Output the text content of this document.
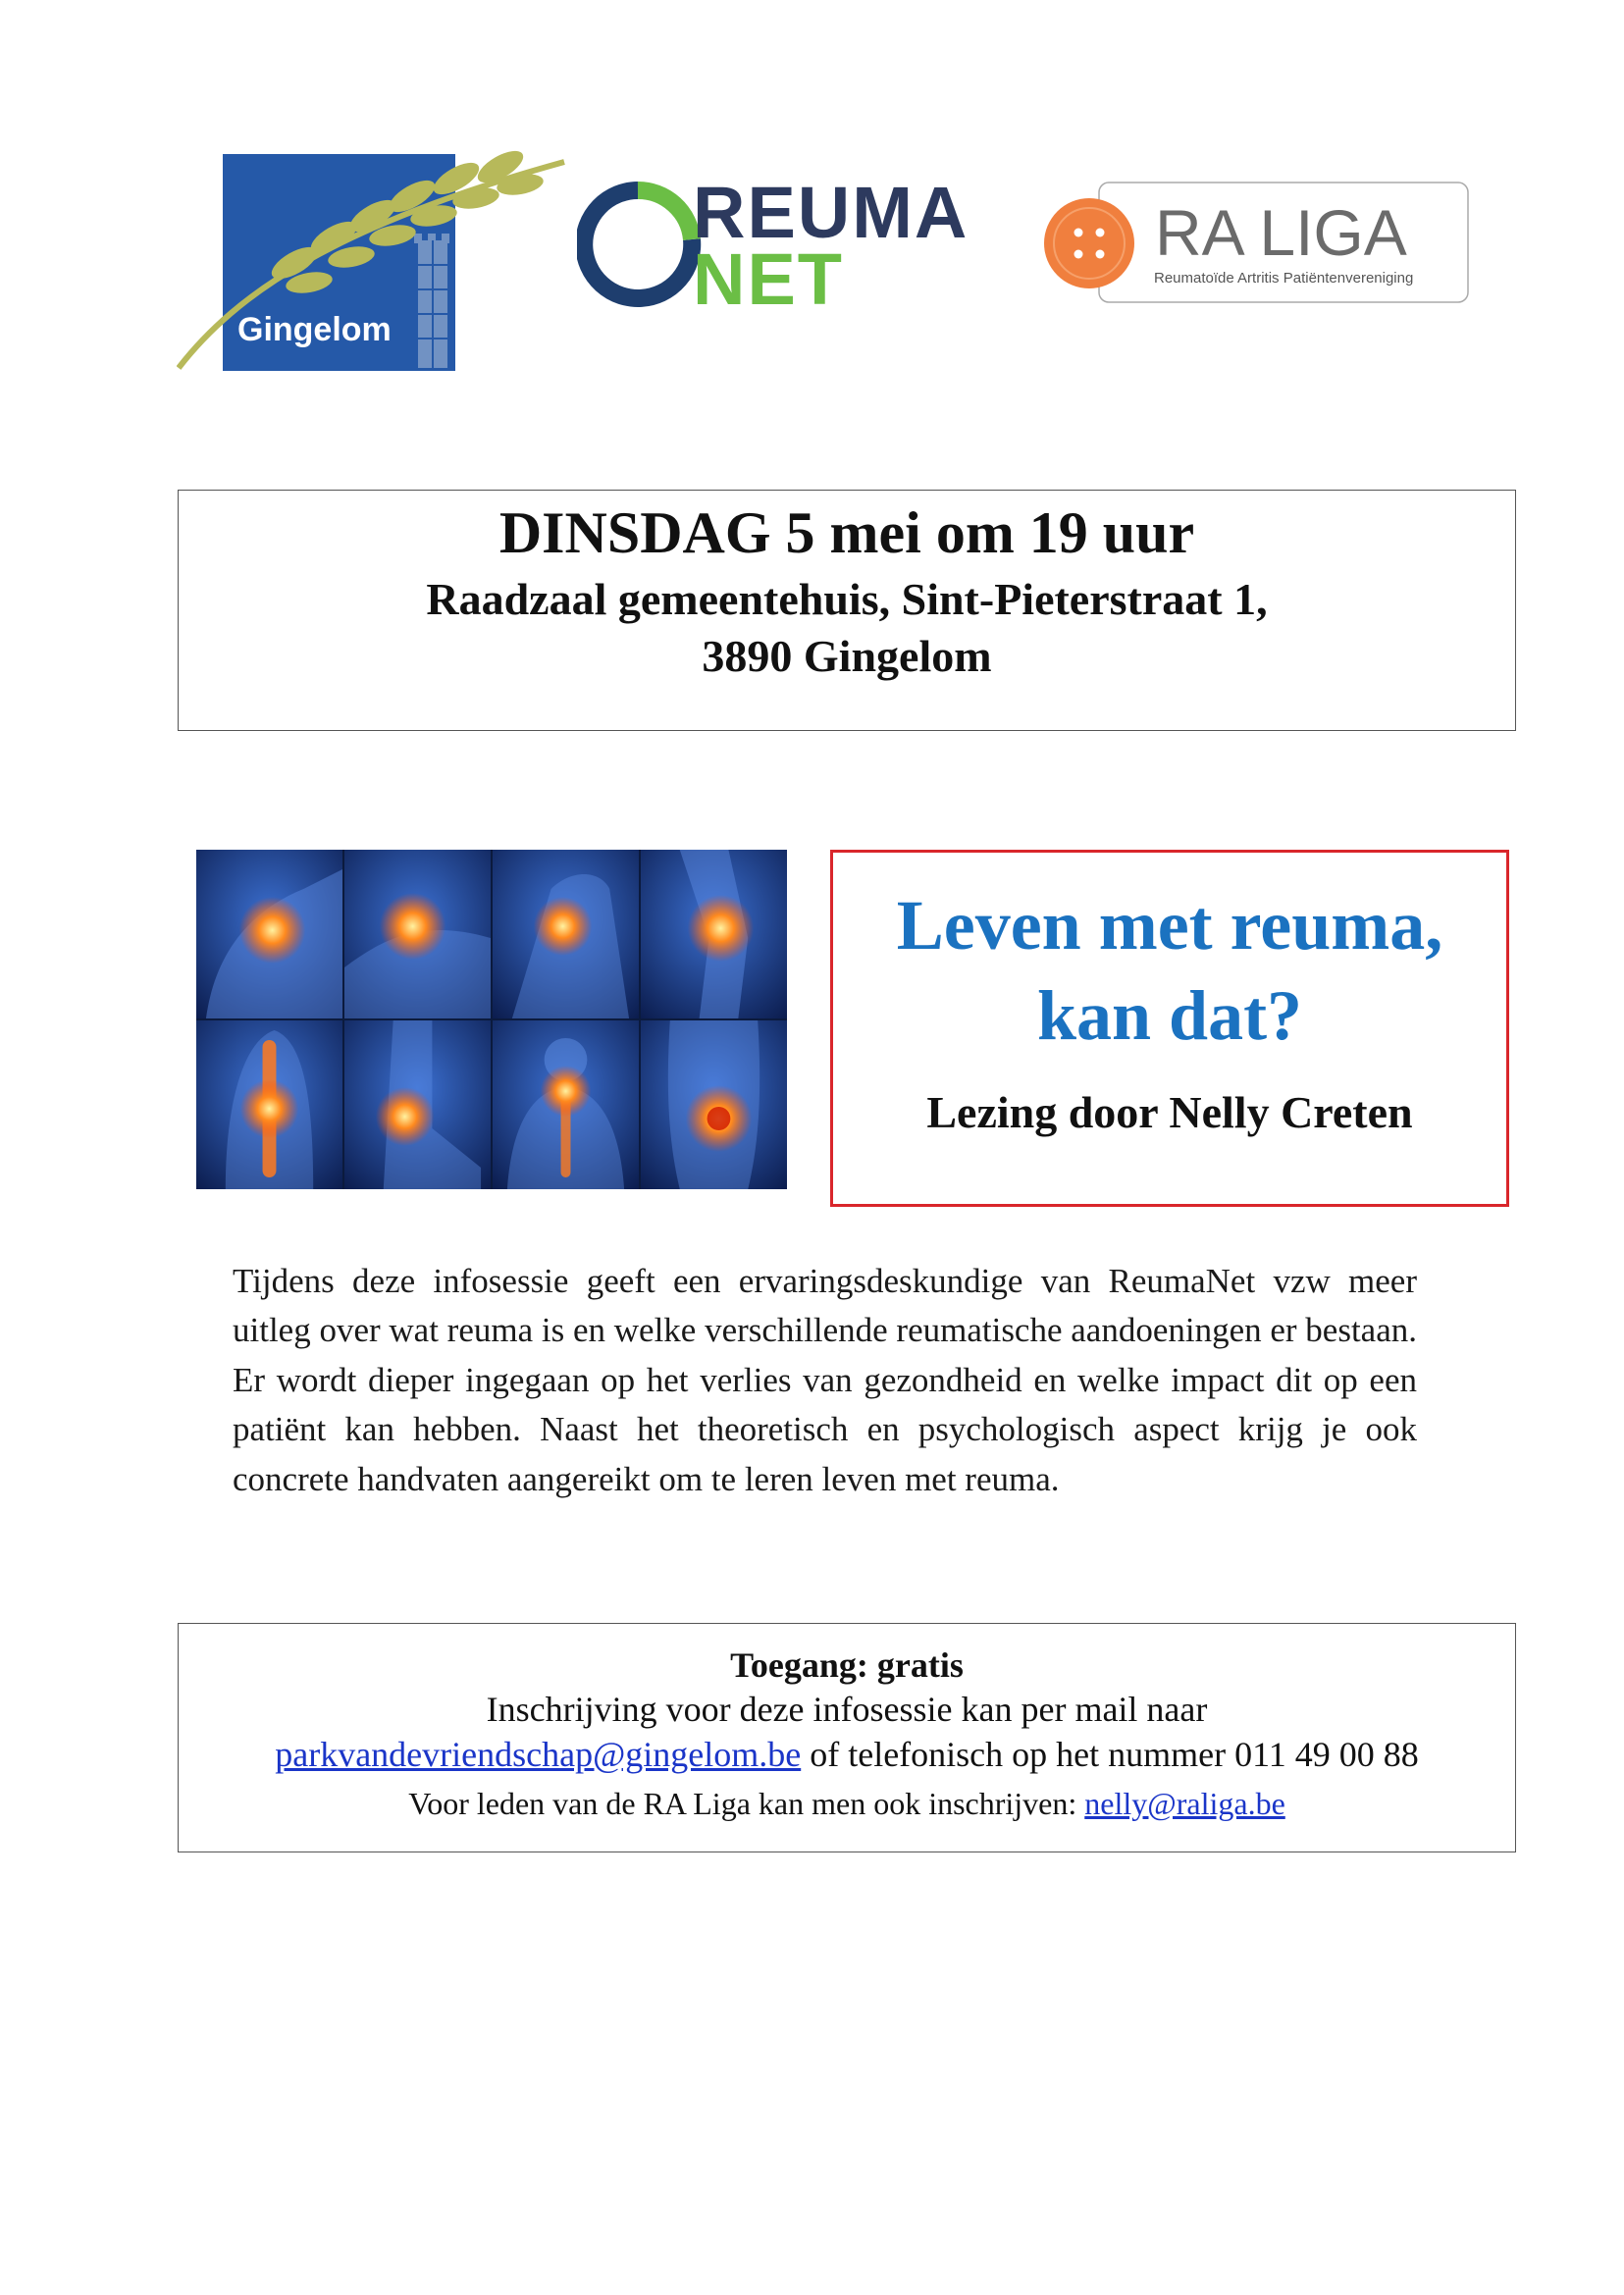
Gingelom
REUMA
NET
RA LIGA
Reumatoïde Artritis Patiëntenvereniging
DINSDAG 5 mei om 19 uur
Raadzaal gemeentehuis, Sint-Pieterstraat 1,
3890 Gingelom
Leven met reuma,
kan dat?
Lezing door Nelly Creten
Tijdens deze infosessie geeft een ervaringsdeskundige van ReumaNet vzw meer uitleg over wat reuma is en welke verschillende reumatische aandoeningen er bestaan. Er wordt dieper ingegaan op het verlies van gezondheid en welke impact dit op een patiënt kan hebben. Naast het theoretisch en psychologisch aspect krijg je ook concrete handvaten aangereikt om te leren leven met reuma.
Toegang: gratis
Inschrijving voor deze infosessie kan per mail naar
parkvandevriendschap@gingelom.be of telefonisch op het nummer 011 49 00 88
Voor leden van de RA Liga kan men ook inschrijven: nelly@raliga.be
